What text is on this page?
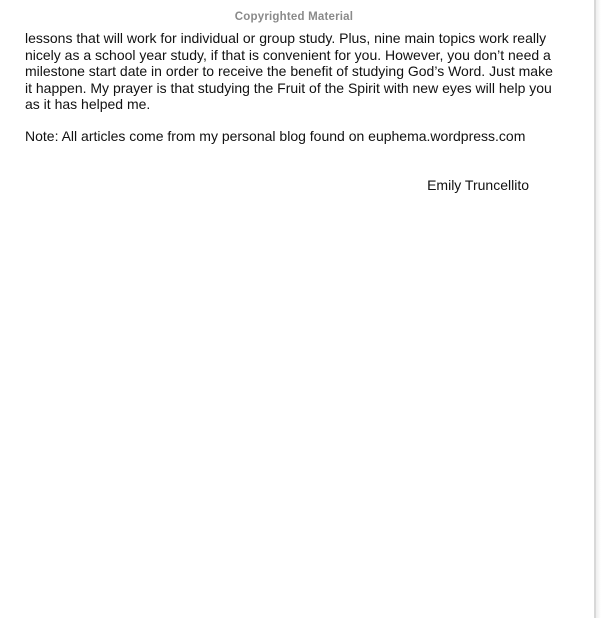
Copyrighted Material

lessons that will work for individual or group study. Plus, nine main topics work really
nicely as a school year study, if that is convenient for you. However, you don’t need a
milestone start date in order to receive the benefit of studying God’s Word. Just make
it happen. My prayer is that studying the Fruit of the Spirit with new eyes will help you
as it has helped me.

Note: All articles come from my personal blog found on euphema.wordpress.com

Emily Truncellito
